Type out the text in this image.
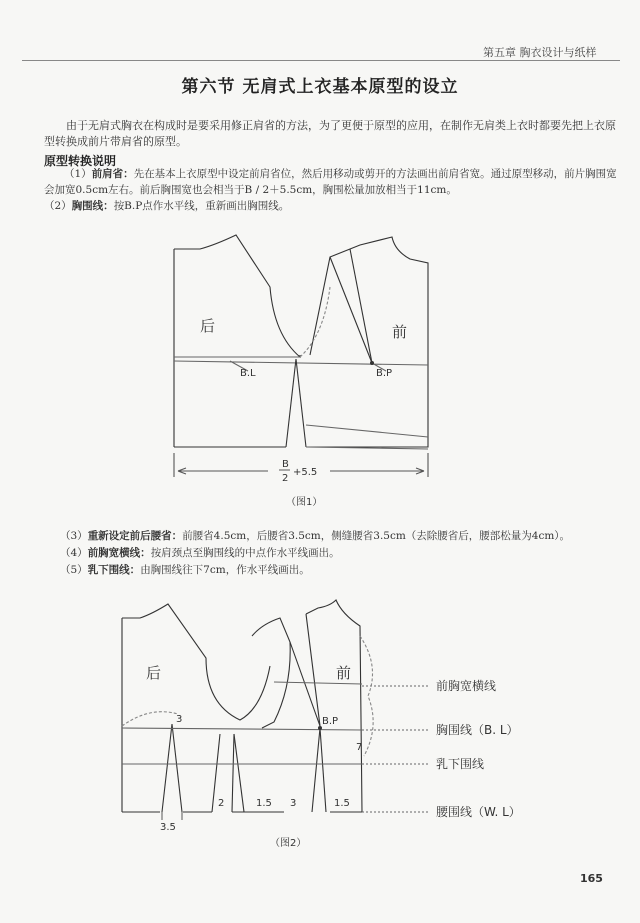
第五章 胸衣设计与纸样
第六节 无肩式上衣基本原型的设立

由于无肩式胸衣在构成时是要采用修正肩省的方法，为了更便于原型的应用，在制作无肩类上衣时都要先把上衣原型转换成前片带肩省的原型。

原型转换说明

（1）前肩省：先在基本上衣原型中设定前肩省位，然后用移动或剪开的方法画出前肩省宽。通过原型移动，前片胸围宽会加宽0.5cm左右。前后胸围宽也会相当于B / 2＋5.5cm，胸围松量加放相当于11cm。

（2）胸围线：按B.P点作水平线，重新画出胸围线。

后	前
B.L	B.P
B
2
+5.5
（图1）

（3）重新设定前后腰省：前腰省4.5cm，后腰省3.5cm，侧缝腰省3.5cm（去除腰省后，腰部松量为4cm）。

（4）前胸宽横线：按肩颈点至胸围线的中点作水平线画出。

（5）乳下围线：由胸围线往下7cm，作水平线画出。

后	前
B.P
3
7
2	1.5 3	1.5
3.5
前胸宽横线
胸围线（B. L）
乳下围线
腰围线（W. L）
（图2）
165
